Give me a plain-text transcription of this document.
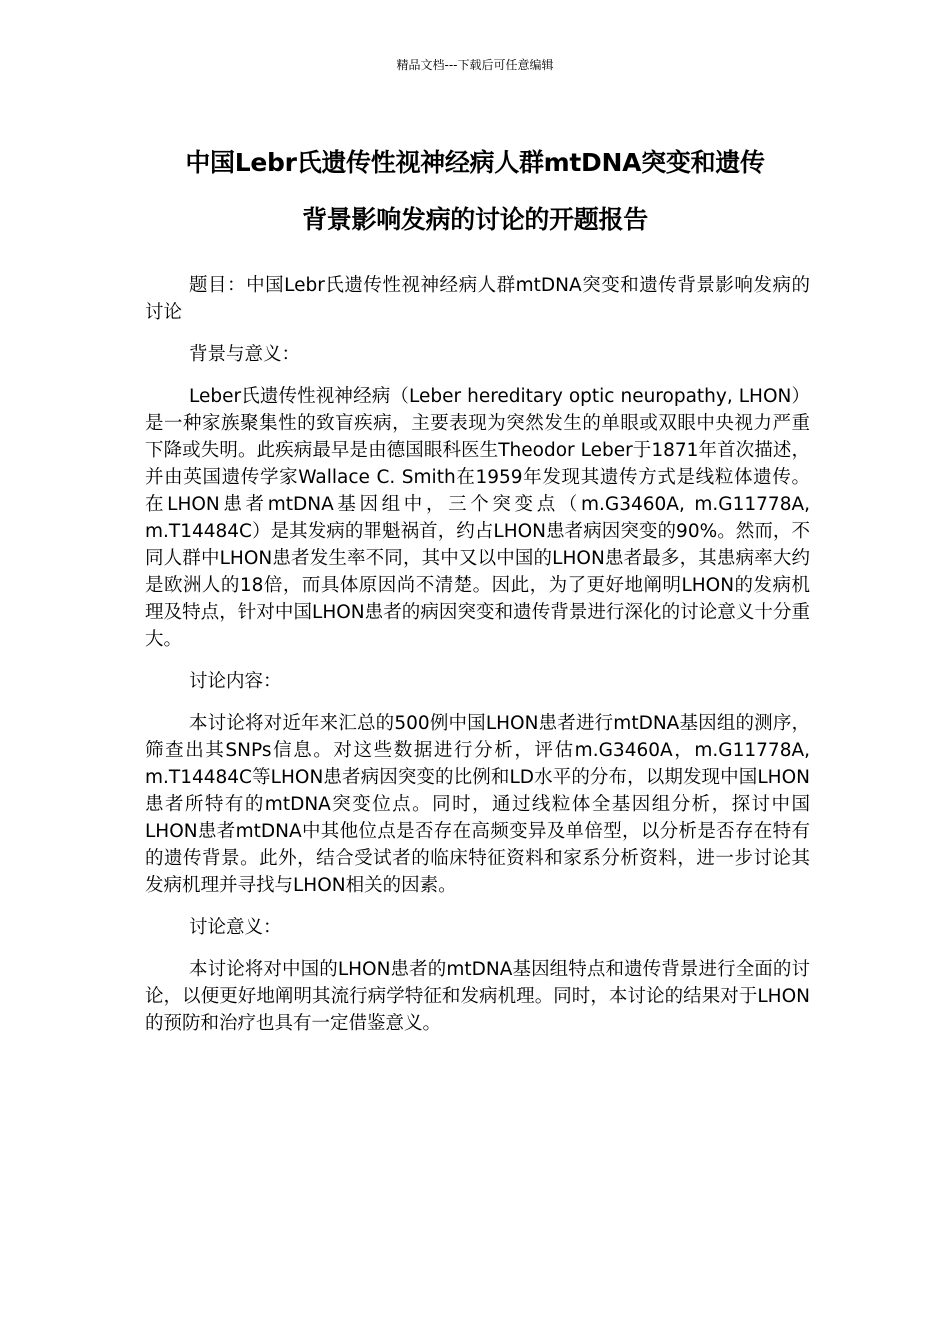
精品文档---下载后可任意编辑
中国Lebr氏遗传性视神经病人群mtDNA突变和遗传
背景影响发病的讨论的开题报告

题目：中国Lebr氏遗传性视神经病人群mtDNA突变和遗传背景影响发病的讨论

背景与意义：

Leber氏遗传性视神经病（Leber hereditary optic neuropathy, LHON）是一种家族聚集性的致盲疾病，主要表现为突然发生的单眼或双眼中央视力严重下降或失明。此疾病最早是由德国眼科医生Theodor Leber于1871年首次描述，并由英国遗传学家Wallace C. Smith在1959年发现其遗传方式是线粒体遗传。在LHON患者mtDNA基因组中，三个突变点（m.G3460A, m.G11778A, m.T14484C）是其发病的罪魁祸首，约占LHON患者病因突变的90%。然而，不同人群中LHON患者发生率不同，其中又以中国的LHON患者最多，其患病率大约是欧洲人的18倍，而具体原因尚不清楚。因此，为了更好地阐明LHON的发病机理及特点，针对中国LHON患者的病因突变和遗传背景进行深化的讨论意义十分重大。

讨论内容：

本讨论将对近年来汇总的500例中国LHON患者进行mtDNA基因组的测序，筛查出其SNPs信息。对这些数据进行分析，评估m.G3460A，m.G11778A, m.T14484C等LHON患者病因突变的比例和LD水平的分布，以期发现中国LHON患者所特有的mtDNA突变位点。同时，通过线粒体全基因组分析，探讨中国LHON患者mtDNA中其他位点是否存在高频变异及单倍型，以分析是否存在特有的遗传背景。此外，结合受试者的临床特征资料和家系分析资料，进一步讨论其发病机理并寻找与LHON相关的因素。

讨论意义：

本讨论将对中国的LHON患者的mtDNA基因组特点和遗传背景进行全面的讨论，以便更好地阐明其流行病学特征和发病机理。同时，本讨论的结果对于LHON的预防和治疗也具有一定借鉴意义。
